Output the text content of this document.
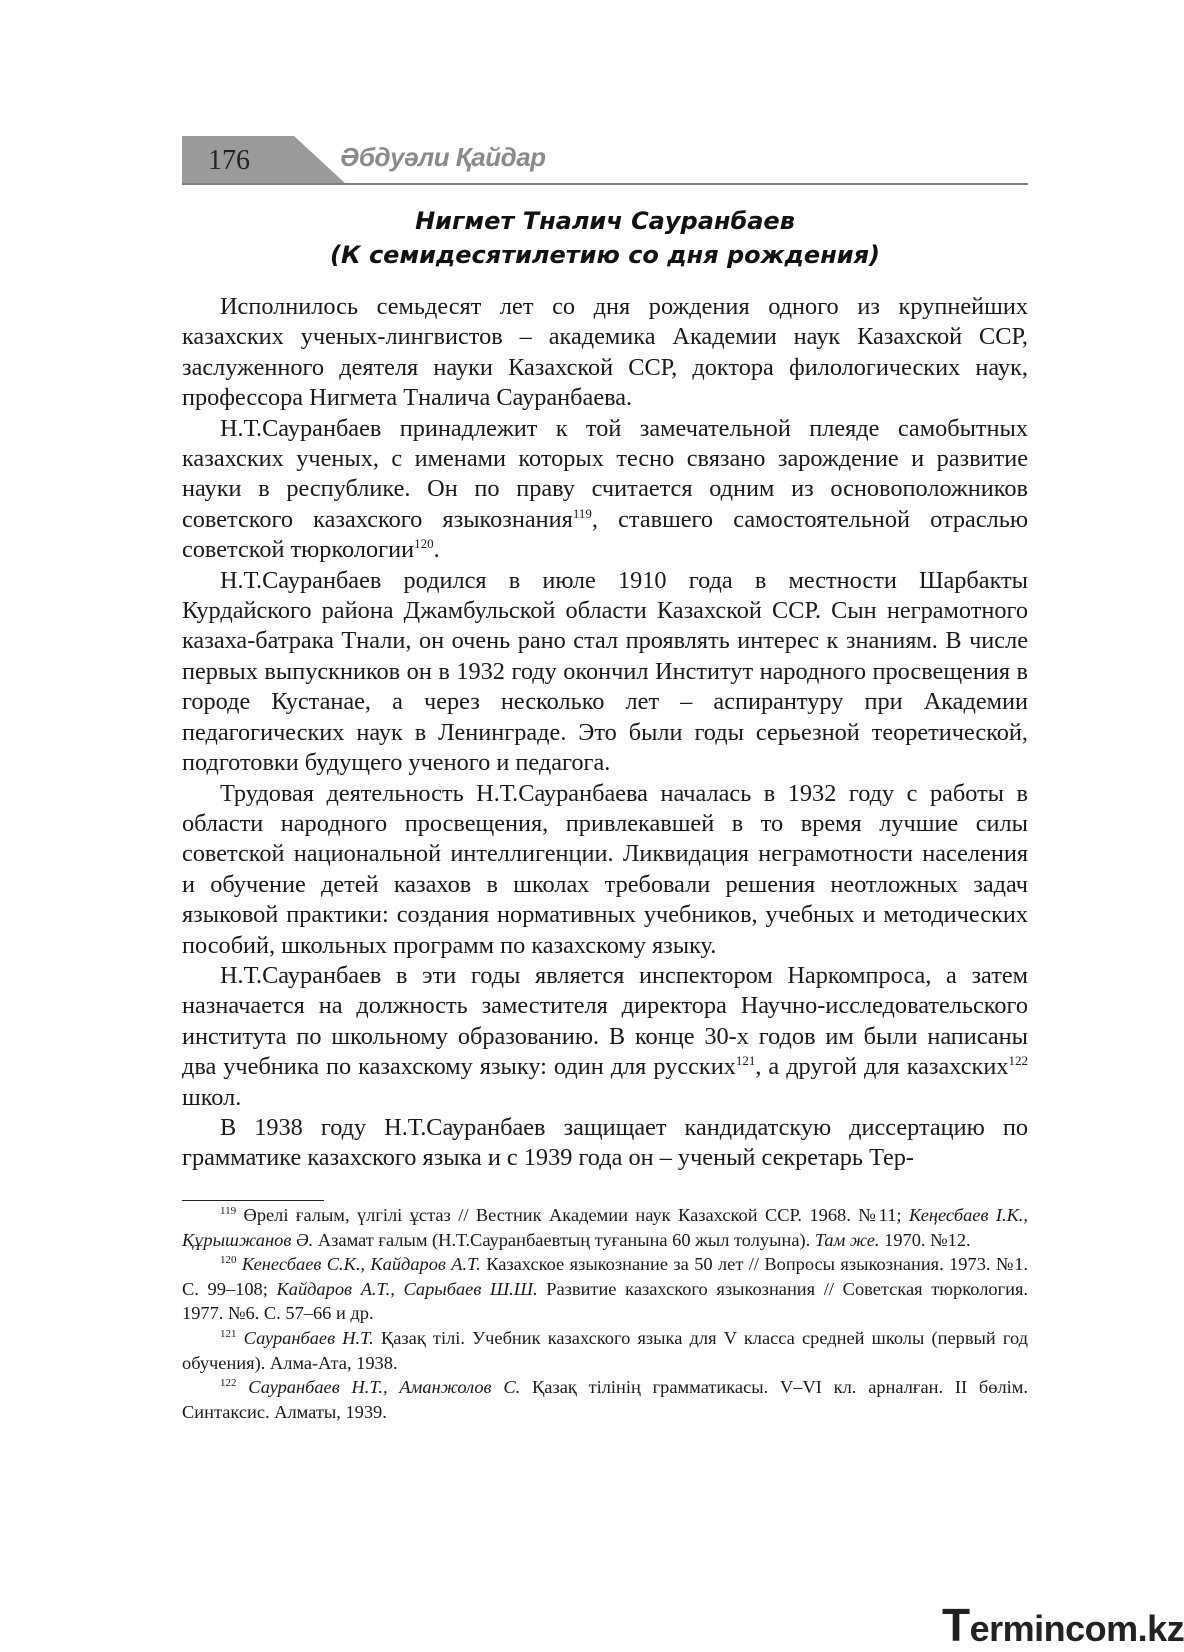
176	Әбдуәли Қайдар
Нигмет Тналич Сауранбаев
(К семидесятилетию со дня рождения)

Исполнилось семьдесят лет со дня рождения одного из крупнейших казахских ученых-лингвистов – академика Академии наук Казахской ССР, заслуженного деятеля науки Казахской ССР, доктора филологических наук, профессора Нигмета Тналича Сауранбаева.

Н.Т.Сауранбаев принадлежит к той замечательной плеяде самобытных казахских ученых, с именами которых тесно связано зарождение и развитие науки в республике. Он по праву считается одним из основоположников советского казахского языкознания$^{119}$, ставшего самостоятельной отраслью советской тюркологии$^{120}$.

Н.Т.Сауранбаев родился в июле 1910 года в местности Шарбакты Курдайского района Джамбульской области Казахской ССР. Сын неграмотного казаха-батрака Тнали, он очень рано стал проявлять интерес к знаниям. В числе первых выпускников он в 1932 году окончил Институт народного просвещения в городе Кустанае, а через несколько лет – аспирантуру при Академии педагогических наук в Ленинграде. Это были годы серьезной теоретической, подготовки будущего ученого и педагога.

Трудовая деятельность Н.Т.Сауранбаева началась в 1932 году с работы в области народного просвещения, привлекавшей в то время лучшие силы советской национальной интеллигенции. Ликвидация неграмотности населения и обучение детей казахов в школах требовали решения неотложных задач языковой практики: создания нормативных учебников, учебных и методических пособий, школьных программ по казахскому языку.

Н.Т.Сауранбаев в эти годы является инспектором Наркомпроса, а затем назначается на должность заместителя директора Научно-исследовательского института по школьному образованию. В конце 30-х годов им были написаны два учебника по казахскому языку: один для русских$^{121}$, а другой для казахских$^{122}$ школ.

В 1938 году Н.Т.Сауранбаев защищает кандидатскую диссертацию по грамматике казахского языка и с 1939 года он – ученый секретарь Тер-

$^{119}$ Өрелі ғалым, үлгілі ұстаз // Вестник Академии наук Казахской ССР. 1968. №11; Кеңесбаев І.К., Құрышжанов Ә. Азамат ғалым (Н.Т.Сауранбаевтың туғанына 60 жыл толуына). Там же. 1970. №12.

$^{120}$ Кенесбаев С.К., Кайдаров А.Т. Казахское языкознание за 50 лет // Вопросы языкознания. 1973. №1. С. 99–108; Кайдаров А.Т., Сарыбаев Ш.Ш. Развитие казахского языкознания // Советская тюркология. 1977. №6. С. 57–66 и др.

$^{121}$ Сауранбаев Н.Т. Қазақ тілі. Учебник казахского языка для V класса средней школы (первый год обучения). Алма-Ата, 1938.

$^{122}$ Сауранбаев Н.Т., Аманжолов С. Қазақ тілінің грамматикасы. V–VI кл. арналған. II бөлім. Синтаксис. Алматы, 1939.

Termincom.kz
